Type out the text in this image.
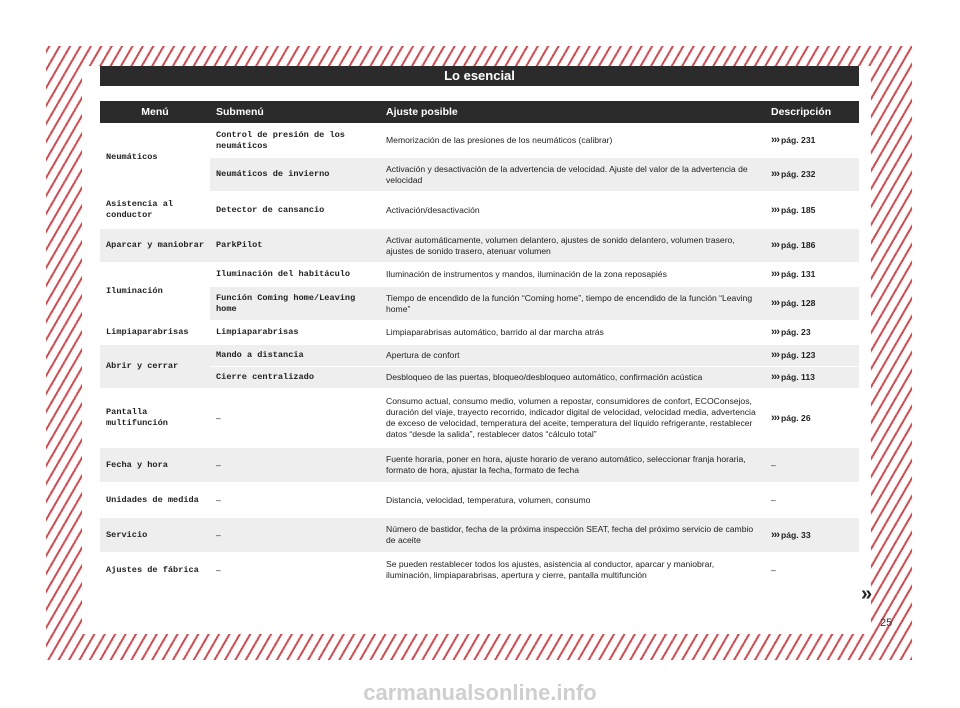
Lo esencial
Menú	Submenú	Ajuste posible	Descripción
Neumáticos	Control de presión de los neumáticos	Memorización de las presiones de los neumáticos (calibrar)	››› pág. 231
	Neumáticos de invierno	Activación y desactivación de la advertencia de velocidad. Ajuste del valor de la advertencia de velocidad	››› pág. 232
Asistencia al conductor	Detector de cansancio	Activación/desactivación	››› pág. 185
Aparcar y maniobrar	ParkPilot	Activar automáticamente, volumen delantero, ajustes de sonido delantero, volumen trasero, ajustes de sonido trasero, atenuar volumen	››› pág. 186
Iluminación	Iluminación del habitáculo	Iluminación de instrumentos y mandos, iluminación de la zona reposapiés	››› pág. 131
	Función Coming home/Leaving home	Tiempo de encendido de la función “Coming home”, tiempo de encendido de la función “Leaving home”	››› pág. 128
Limpiaparabrisas	Limpiaparabrisas	Limpiaparabrisas automático, barrido al dar marcha atrás	››› pág. 23
Abrir y cerrar	Mando a distancia	Apertura de confort	››› pág. 123
	Cierre centralizado	Desbloqueo de las puertas, bloqueo/desbloqueo automático, confirmación acústica	››› pág. 113
Pantalla multifunción	–	Consumo actual, consumo medio, volumen a repostar, consumidores de confort, ECOConsejos, duración del viaje, trayecto recorrido, indicador digital de velocidad, velocidad media, advertencia de exceso de velocidad, temperatura del aceite, temperatura del líquido refrigerante, restablecer datos “desde la salida”, restablecer datos “cálculo total”	››› pág. 26
Fecha y hora	–	Fuente horaria, poner en hora, ajuste horario de verano automático, seleccionar franja horaria, formato de hora, ajustar la fecha, formato de fecha	–
Unidades de medida	–	Distancia, velocidad, temperatura, volumen, consumo	–
Servicio	–	Número de bastidor, fecha de la próxima inspección SEAT, fecha del próximo servicio de cambio de aceite	››› pág. 33
Ajustes de fábrica	–	Se pueden restablecer todos los ajustes, asistencia al conductor, aparcar y maniobrar, iluminación, limpiaparabrisas, apertura y cierre, pantalla multifunción	–
»
25
carmanualsonline.info
